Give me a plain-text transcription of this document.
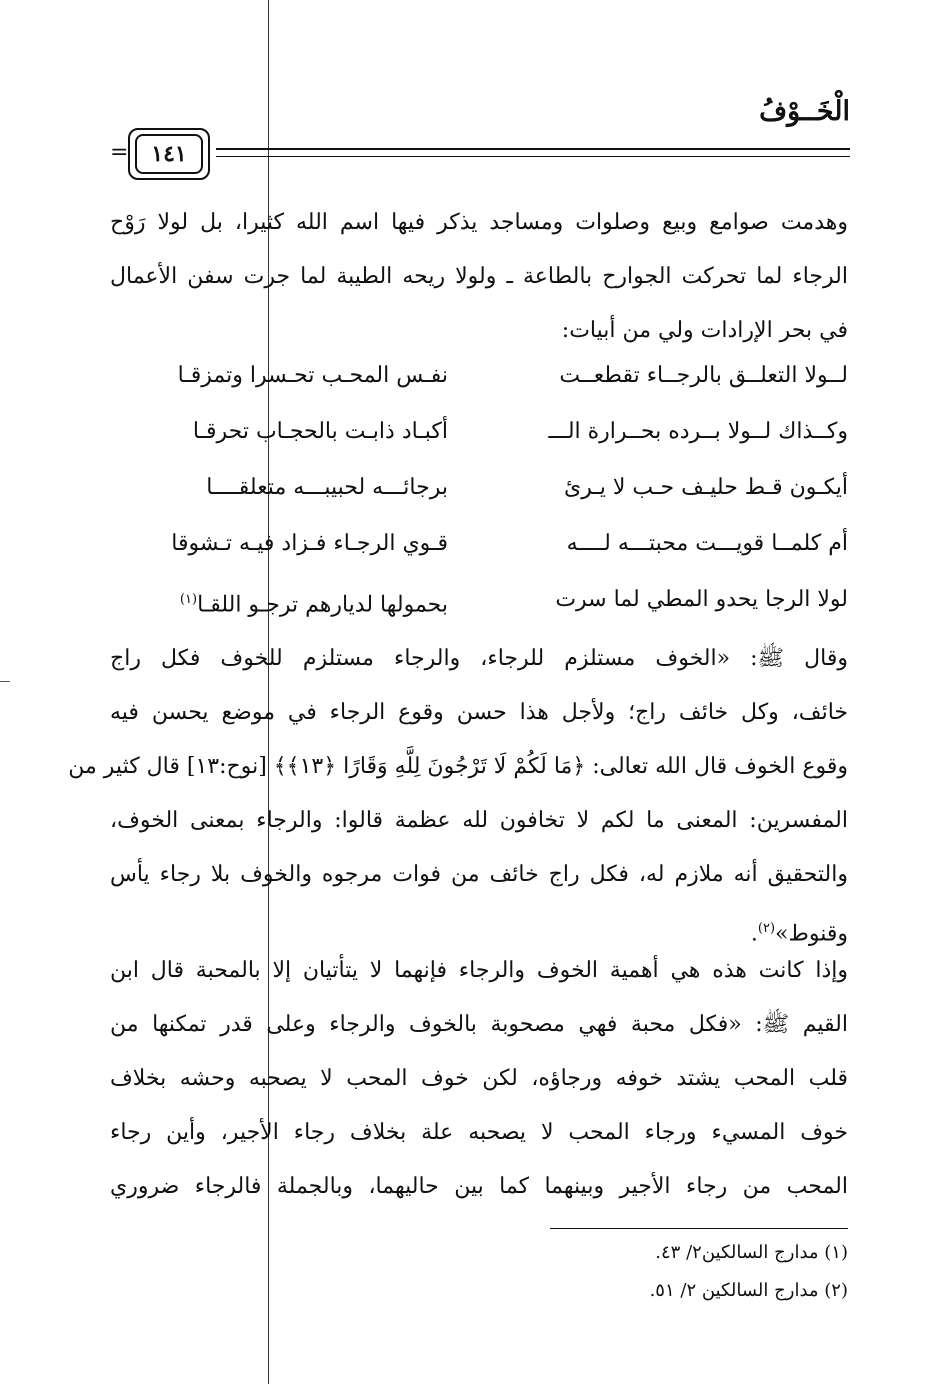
الْخَــوْفُ
=	١٤١
وهدمت صوامع وبيع وصلوات ومساجد يذكر فيها اسم الله كثيرا، بل لولا رَوْح
الرجاء لما تحركت الجوارح بالطاعة ـ ولولا ريحه الطيبة لما جرت سفن الأعمال
في بحر الإرادات ولي من أبيات:
لــولا التعلــق بالرجــاء تقطعــت
نفـس المحـب تحـسرا وتمزقـا
وكــذاك لــولا بــرده بحــرارة الـــ
أكبـاد ذابـت بالحجـاب تحرقـا
أيكـون قـط حليـف حـب لا يـرئ
برجائـــه لحبيبـــه متعلقــــا
أم كلمــا قويـــت محبتـــه لــــه
قـوي الرجـاء فـزاد فيـه تـشوقا
لولا الرجا يحدو المطي لما سرت
بحمولها لديارهم ترجـو اللقـا$^{(١)}$
وقال ﷺ: «الخوف مستلزم للرجاء، والرجاء مستلزم للخوف فكل راج
خائف، وكل خائف راج؛ ولأجل هذا حسن وقوع الرجاء في موضع يحسن فيه
وقوع الخوف قال الله تعالى: ﴿مَا لَكُمْ لَا تَرْجُونَ لِلَّهِ وَقَارًا ﴿١٣﴾﴾ [نوح:١٣] قال كثير من
المفسرين: المعنى ما لكم لا تخافون لله عظمة قالوا: والرجاء بمعنى الخوف،
والتحقيق أنه ملازم له، فكل راج خائف من فوات مرجوه والخوف بلا رجاء يأس
وقنوط»$^{(٢)}$.
وإذا كانت هذه هي أهمية الخوف والرجاء فإنهما لا يتأتيان إلا بالمحبة قال ابن
القيم ﷺ: «فكل محبة فهي مصحوبة بالخوف والرجاء وعلى قدر تمكنها من
قلب المحب يشتد خوفه ورجاؤه، لكن خوف المحب لا يصحبه وحشه بخلاف
خوف المسيء ورجاء المحب لا يصحبه علة بخلاف رجاء الأجير، وأين رجاء
المحب من رجاء الأجير وبينهما كما بين حاليهما، وبالجملة فالرجاء ضروري
(١) مدارج السالكين٢/ ٤٣.
(٢) مدارج السالكين ٢/ ٥١.
